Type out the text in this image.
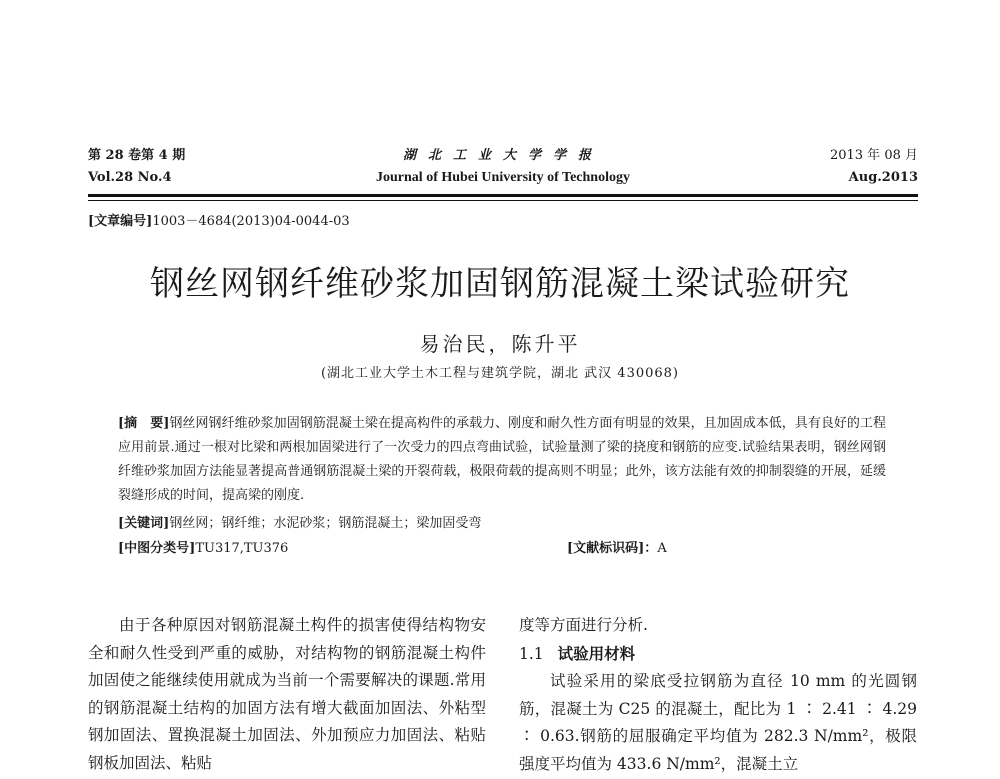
第 28 卷第 4 期	湖北工业大学学报	2013 年 08 月
Vol.28 No.4	Journal of Hubei University of Technology	Aug.2013
[文章编号]1003－4684(2013)04-0044-03
钢丝网钢纤维砂浆加固钢筋混凝土梁试验研究
易治民，陈升平
(湖北工业大学土木工程与建筑学院，湖北 武汉 430068)
[摘　要]钢丝网钢纤维砂浆加固钢筋混凝土梁在提高构件的承载力、刚度和耐久性方面有明显的效果，且加固成本低，具有良好的工程应用前景.通过一根对比梁和两根加固梁进行了一次受力的四点弯曲试验，试验量测了梁的挠度和钢筋的应变.试验结果表明，钢丝网钢纤维砂浆加固方法能显著提高普通钢筋混凝土梁的开裂荷载，极限荷载的提高则不明显；此外，该方法能有效的抑制裂缝的开展，延缓裂缝形成的时间，提高梁的刚度.
[关键词]钢丝网；钢纤维；水泥砂浆；钢筋混凝土；梁加固受弯
[中图分类号]TU317,TU376	[文献标识码]：A

由于各种原因对钢筋混凝土构件的损害使得结构物安全和耐久性受到严重的威胁，对结构物的钢筋混凝土构件加固使之能继续使用就成为当前一个需要解决的课题.常用的钢筋混凝土结构的加固方法有增大截面加固法、外粘型钢加固法、置换混凝土加固法、外加预应力加固法、粘贴钢板加固法、粘贴

度等方面进行分析.

1.1 试验用材料

试验采用的梁底受拉钢筋为直径 10 mm 的光圆钢筋，混凝土为 C25 的混凝土，配比为 1 ∶ 2.41 ∶ 4.29 ∶ 0.63.钢筋的屈服确定平均值为 282.3 N/mm²，极限强度平均值为 433.6 N/mm²，混凝土立
